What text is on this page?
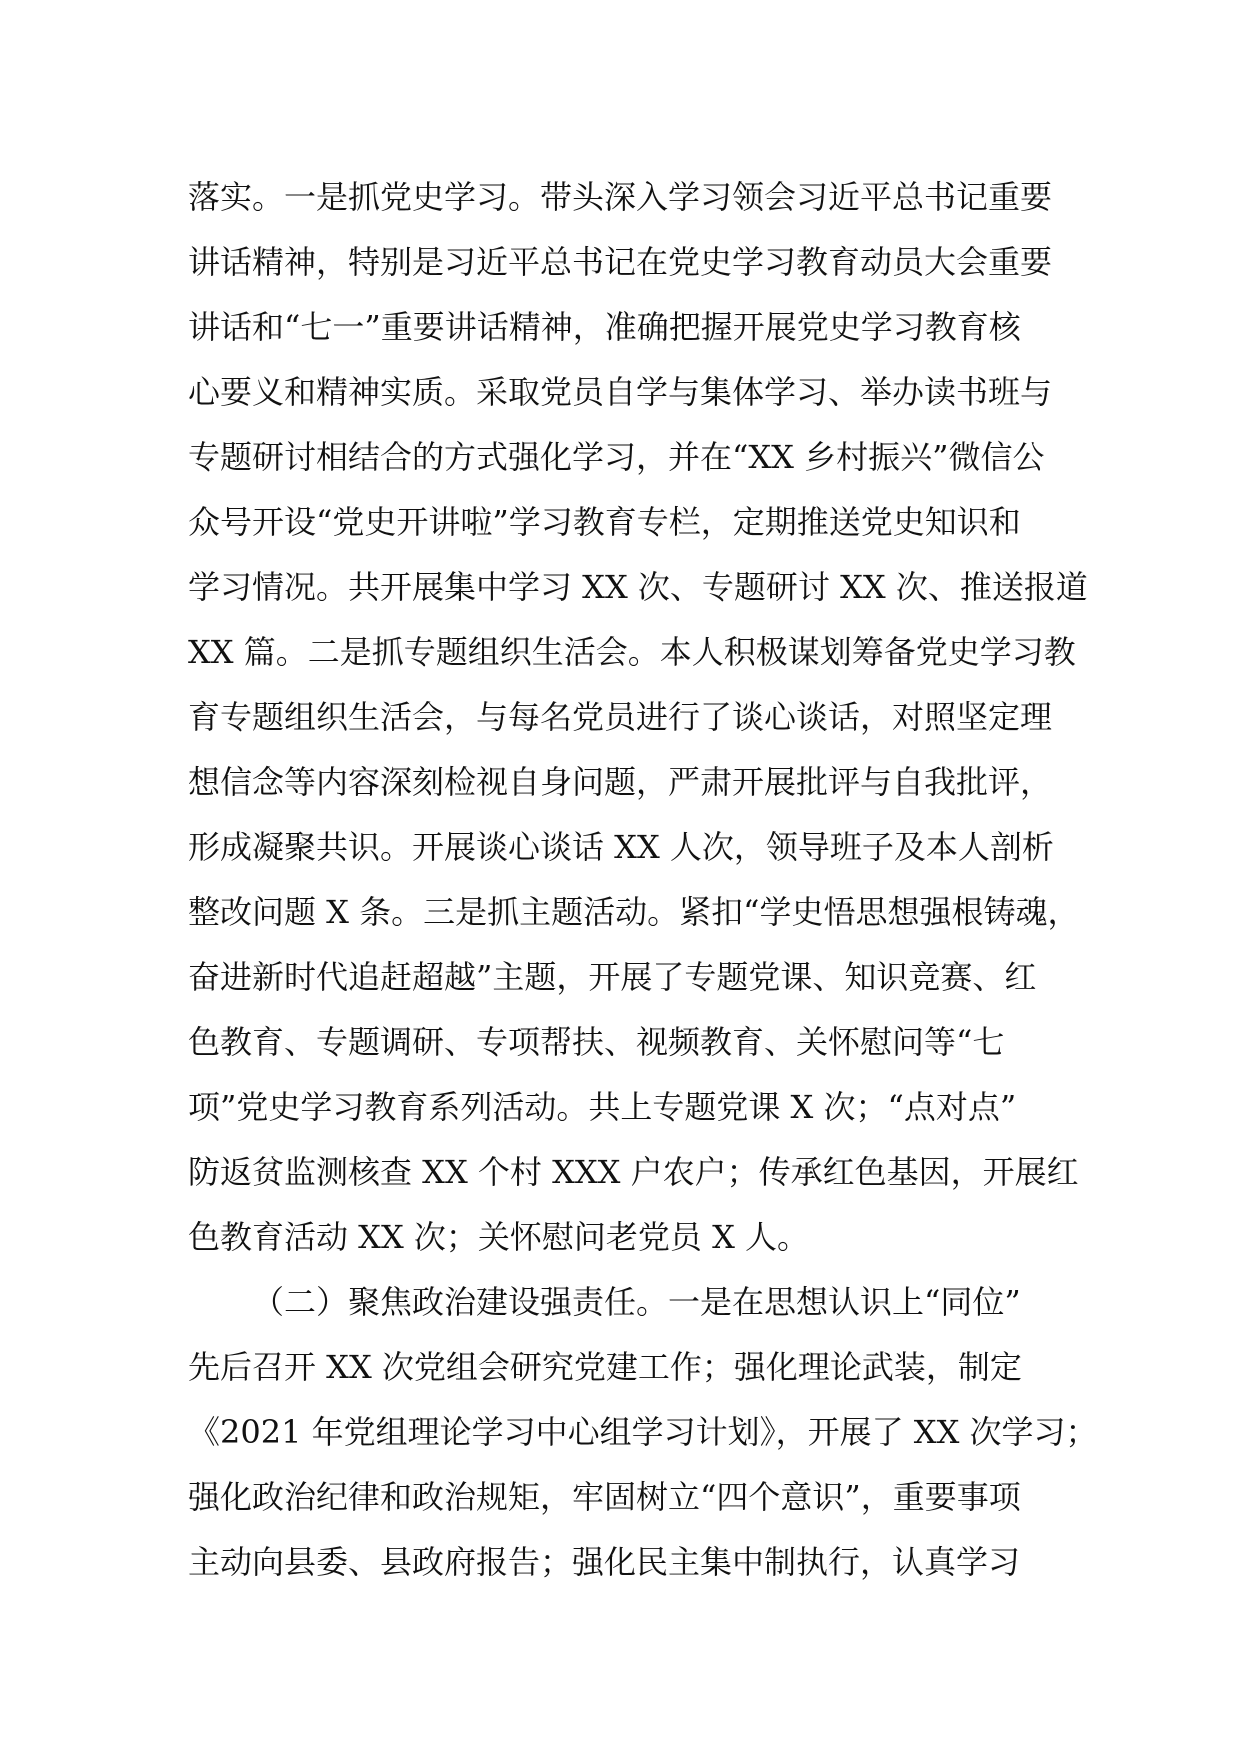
落实。一是抓党史学习。带头深入学习领会习近平总书记重要
讲话精神，特别是习近平总书记在党史学习教育动员大会重要
讲话和“七一”重要讲话精神，准确把握开展党史学习教育核
心要义和精神实质。采取党员自学与集体学习、举办读书班与
专题研讨相结合的方式强化学习，并在“XX 乡村振兴”微信公
众号开设“党史开讲啦”学习教育专栏，定期推送党史知识和
学习情况。共开展集中学习 XX 次、专题研讨 XX 次、推送报道
XX 篇。二是抓专题组织生活会。本人积极谋划筹备党史学习教
育专题组织生活会，与每名党员进行了谈心谈话，对照坚定理
想信念等内容深刻检视自身问题，严肃开展批评与自我批评，
形成凝聚共识。开展谈心谈话 XX 人次，领导班子及本人剖析
整改问题 X 条。三是抓主题活动。紧扣“学史悟思想强根铸魂，
奋进新时代追赶超越”主题，开展了专题党课、知识竞赛、红
色教育、专题调研、专项帮扶、视频教育、关怀慰问等“七
项”党史学习教育系列活动。共上专题党课 X 次；“点对点”
防返贫监测核查 XX 个村 XXX 户农户；传承红色基因，开展红
色教育活动 XX 次；关怀慰问老党员 X 人。
（二）聚焦政治建设强责任。一是在思想认识上“同位”
先后召开 XX 次党组会研究党建工作；强化理论武装，制定
《2021 年党组理论学习中心组学习计划》，开展了 XX 次学习；
强化政治纪律和政治规矩，牢固树立“四个意识”，重要事项
主动向县委、县政府报告；强化民主集中制执行，认真学习
